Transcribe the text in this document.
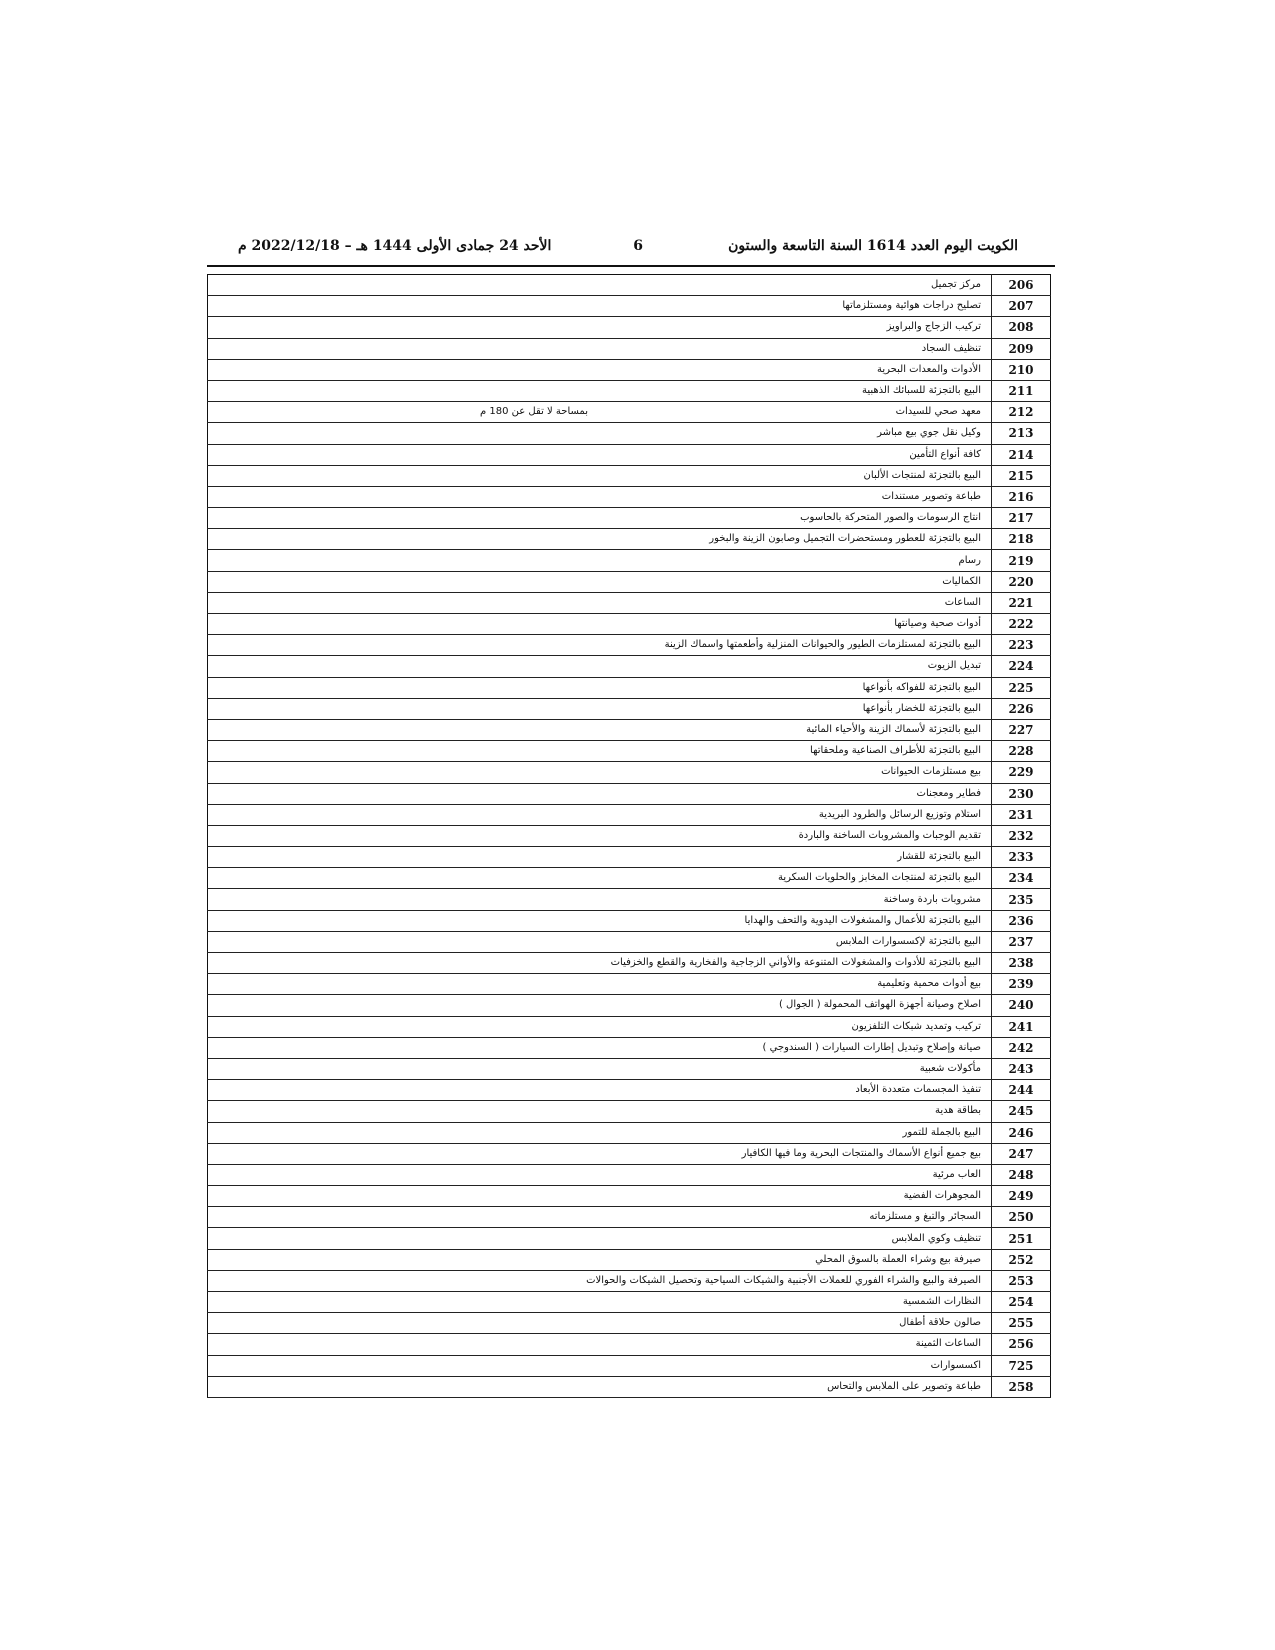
الكويت اليوم العدد 1614 السنة التاسعة والستون
6
الأحد 24 جمادى الأولى 1444 هـ – 2022/12/18 م
206	مركز تجميل	
207	تصليح دراجات هوائية ومستلزماتها	
208	تركيب الزجاج والبراويز	
209	تنظيف السجاد	
210	الأدوات والمعدات البحرية	
211	البيع بالتجزئة للسبائك الذهبية	
212	معهد صحي للسيدات	بمساحة لا تقل عن 180 م
213	وكيل نقل جوي بيع مباشر	
214	كافة أنواع التأمين	
215	البيع بالتجزئة لمنتجات الألبان	
216	طباعة وتصوير مستندات	
217	انتاج الرسومات والصور المتحركة بالحاسوب	
218	البيع بالتجزئة للعطور ومستحضرات التجميل وصابون الزينة والبخور	
219	رسام	
220	الكماليات	
221	الساعات	
222	أدوات صحية وصيانتها	
223	البيع بالتجزئة لمستلزمات الطيور والحيوانات المنزلية وأطعمتها واسماك الزينة	
224	تبديل الزيوت	
225	البيع بالتجزئة للفواكه بأنواعها	
226	البيع بالتجزئة للخضار بأنواعها	
227	البيع بالتجزئة لأسماك الزينة والأحياء المائية	
228	البيع بالتجزئة للأطراف الصناعية وملحقاتها	
229	بيع مستلزمات الحيوانات	
230	فطاير ومعجنات	
231	استلام وتوزيع الرسائل والطرود البريدية	
232	تقديم الوجبات والمشروبات الساخنة والباردة	
233	البيع بالتجزئة للقشار	
234	البيع بالتجزئة لمنتجات المخابز والحلويات السكرية	
235	مشروبات باردة وساخنة	
236	البيع بالتجزئة للأعمال والمشغولات اليدوية والتحف والهدايا	
237	البيع بالتجزئة لإكسسوارات الملابس	
238	البيع بالتجزئة للأدوات والمشغولات المتنوعة والأواني الزجاجية والفخارية والقطع والخزفيات	
239	بيع أدوات محمية وتعليمية	
240	اصلاح وصيانة أجهزة الهواتف المحمولة ( الجوال )	
241	تركيب وتمديد شبكات التلفزيون	
242	صيانة وإصلاح وتبديل إطارات السيارات ( السندوجي )	
243	مأكولات شعبية	
244	تنفيذ المجسمات متعددة الأبعاد	
245	بطاقة هدية	
246	البيع بالجملة للتمور	
247	بيع جميع أنواع الأسماك والمنتجات البحرية وما فيها الكافيار	
248	العاب مرئية	
249	المجوهرات الفضية	
250	السجائر والتبغ و مستلزماته	
251	تنظيف وكوي الملابس	
252	صيرفة بيع وشراء العملة بالسوق المحلي	
253	الصيرفة والبيع والشراء الفوري للعملات الأجنبية والشيكات السياحية وتحصيل الشيكات والحوالات	
254	النظارات الشمسية	
255	صالون حلاقة أطفال	
256	الساعات الثمينة	
725	اكسسوارات	
258	طباعة وتصوير على الملابس والتحاس	
